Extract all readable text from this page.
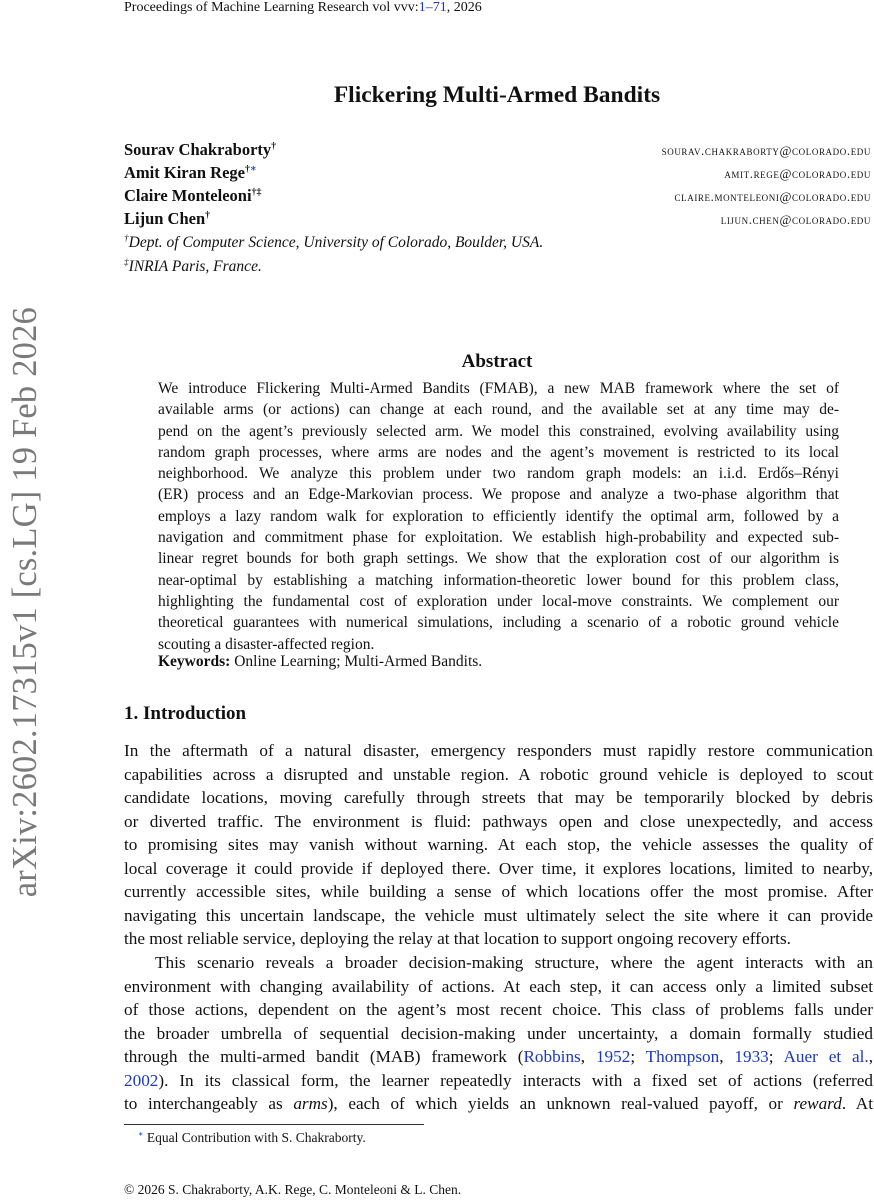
Proceedings of Machine Learning Research vol vvv:1–71, 2026
arXiv:2602.17315v1 [cs.LG] 19 Feb 2026
Flickering Multi-Armed Bandits
Sourav Chakraborty†	sourav.chakraborty@colorado.edu
Amit Kiran Rege†∗	amit.rege@colorado.edu
Claire Monteleoni†‡	claire.monteleoni@colorado.edu
Lijun Chen†	lijun.chen@colorado.edu
†Dept. of Computer Science, University of Colorado, Boulder, USA.
‡INRIA Paris, France.
Abstract
We introduce Flickering Multi-Armed Bandits (FMAB), a new MAB framework where the set of
available arms (or actions) can change at each round, and the available set at any time may de-
pend on the agent’s previously selected arm. We model this constrained, evolving availability using
random graph processes, where arms are nodes and the agent’s movement is restricted to its local
neighborhood. We analyze this problem under two random graph models: an i.i.d. Erdős–Rényi
(ER) process and an Edge-Markovian process. We propose and analyze a two-phase algorithm that
employs a lazy random walk for exploration to efficiently identify the optimal arm, followed by a
navigation and commitment phase for exploitation. We establish high-probability and expected sub-
linear regret bounds for both graph settings. We show that the exploration cost of our algorithm is
near-optimal by establishing a matching information-theoretic lower bound for this problem class,
highlighting the fundamental cost of exploration under local-move constraints. We complement our
theoretical guarantees with numerical simulations, including a scenario of a robotic ground vehicle
scouting a disaster-affected region.
Keywords: Online Learning; Multi-Armed Bandits.
1. Introduction
In the aftermath of a natural disaster, emergency responders must rapidly restore communication
capabilities across a disrupted and unstable region. A robotic ground vehicle is deployed to scout
candidate locations, moving carefully through streets that may be temporarily blocked by debris
or diverted traffic. The environment is fluid: pathways open and close unexpectedly, and access
to promising sites may vanish without warning. At each stop, the vehicle assesses the quality of
local coverage it could provide if deployed there. Over time, it explores locations, limited to nearby,
currently accessible sites, while building a sense of which locations offer the most promise. After
navigating this uncertain landscape, the vehicle must ultimately select the site where it can provide
the most reliable service, deploying the relay at that location to support ongoing recovery efforts.
This scenario reveals a broader decision-making structure, where the agent interacts with an
environment with changing availability of actions. At each step, it can access only a limited subset
of those actions, dependent on the agent’s most recent choice. This class of problems falls under
the broader umbrella of sequential decision-making under uncertainty, a domain formally studied
through the multi-armed bandit (MAB) framework (Robbins, 1952; Thompson, 1933; Auer et al.,
2002). In its classical form, the learner repeatedly interacts with a fixed set of actions (referred
to interchangeably as arms), each of which yields an unknown real-valued payoff, or reward. At
∗ Equal Contribution with S. Chakraborty.
© 2026 S. Chakraborty, A.K. Rege, C. Monteleoni & L. Chen.
